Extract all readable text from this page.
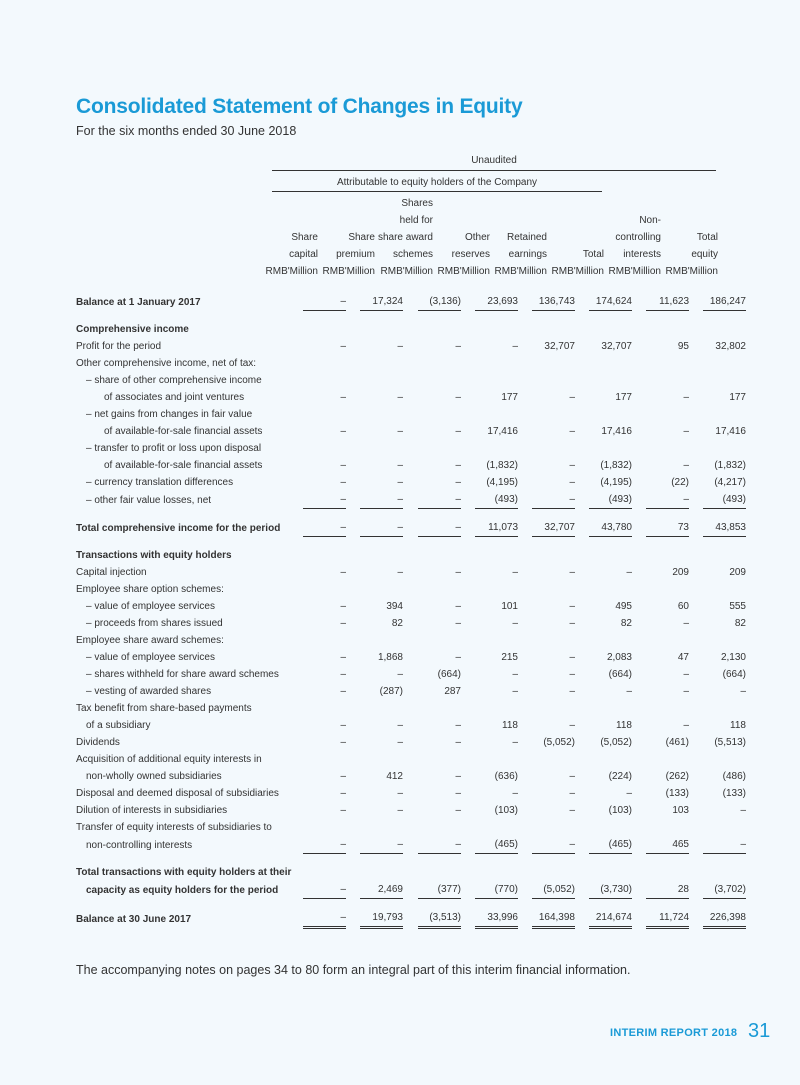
Consolidated Statement of Changes in Equity
For the six months ended 30 June 2018
Unaudited
Attributable to equity holders of the Company
Share
capital
RMB'Million
Share
premium
RMB'Million
Shares
held for
share award
schemes
RMB'Million
Other
reserves
RMB'Million
Retained
earnings
RMB'Million
Total
RMB'Million
Non-
controlling
interests
RMB'Million
Total
equity
RMB'Million
Balance at 1 January 2017	–	17,324	(3,136)	23,693	136,743	174,624	11,623	186,247

Comprehensive income								
Profit for the period	–	–	–	–	32,707	32,707	95	32,802
Other comprehensive income, net of tax:								
– share of other comprehensive income								
of associates and joint ventures	–	–	–	177	–	177	–	177
– net gains from changes in fair value								
of available-for-sale financial assets	–	–	–	17,416	–	17,416	–	17,416
– transfer to profit or loss upon disposal								
of available-for-sale financial assets	–	–	–	(1,832)	–	(1,832)	–	(1,832)
– currency translation differences	–	–	–	(4,195)	–	(4,195)	(22)	(4,217)
– other fair value losses, net	–	–	–	(493)	–	(493)	–	(493)

Total comprehensive income for the period	–	–	–	11,073	32,707	43,780	73	43,853

Transactions with equity holders								
Capital injection	–	–	–	–	–	–	209	209
Employee share option schemes:								
– value of employee services	–	394	–	101	–	495	60	555
– proceeds from shares issued	–	82	–	–	–	82	–	82
Employee share award schemes:								
– value of employee services	–	1,868	–	215	–	2,083	47	2,130
– shares withheld for share award schemes	–	–	(664)	–	–	(664)	–	(664)
– vesting of awarded shares	–	(287)	287	–	–	–	–	–
Tax benefit from share-based payments								
of a subsidiary	–	–	–	118	–	118	–	118
Dividends	–	–	–	–	(5,052)	(5,052)	(461)	(5,513)
Acquisition of additional equity interests in								
non-wholly owned subsidiaries	–	412	–	(636)	–	(224)	(262)	(486)
Disposal and deemed disposal of subsidiaries	–	–	–	–	–	–	(133)	(133)
Dilution of interests in subsidiaries	–	–	–	(103)	–	(103)	103	–
Transfer of equity interests of subsidiaries to								
non-controlling interests	–	–	–	(465)	–	(465)	465	–

Total transactions with equity holders at their								
capacity as equity holders for the period	–	2,469	(377)	(770)	(5,052)	(3,730)	28	(3,702)

Balance at 30 June 2017	–	19,793	(3,513)	33,996	164,398	214,674	11,724	226,398
The accompanying notes on pages 34 to 80 form an integral part of this interim financial information.
INTERIM REPORT 2018 31
